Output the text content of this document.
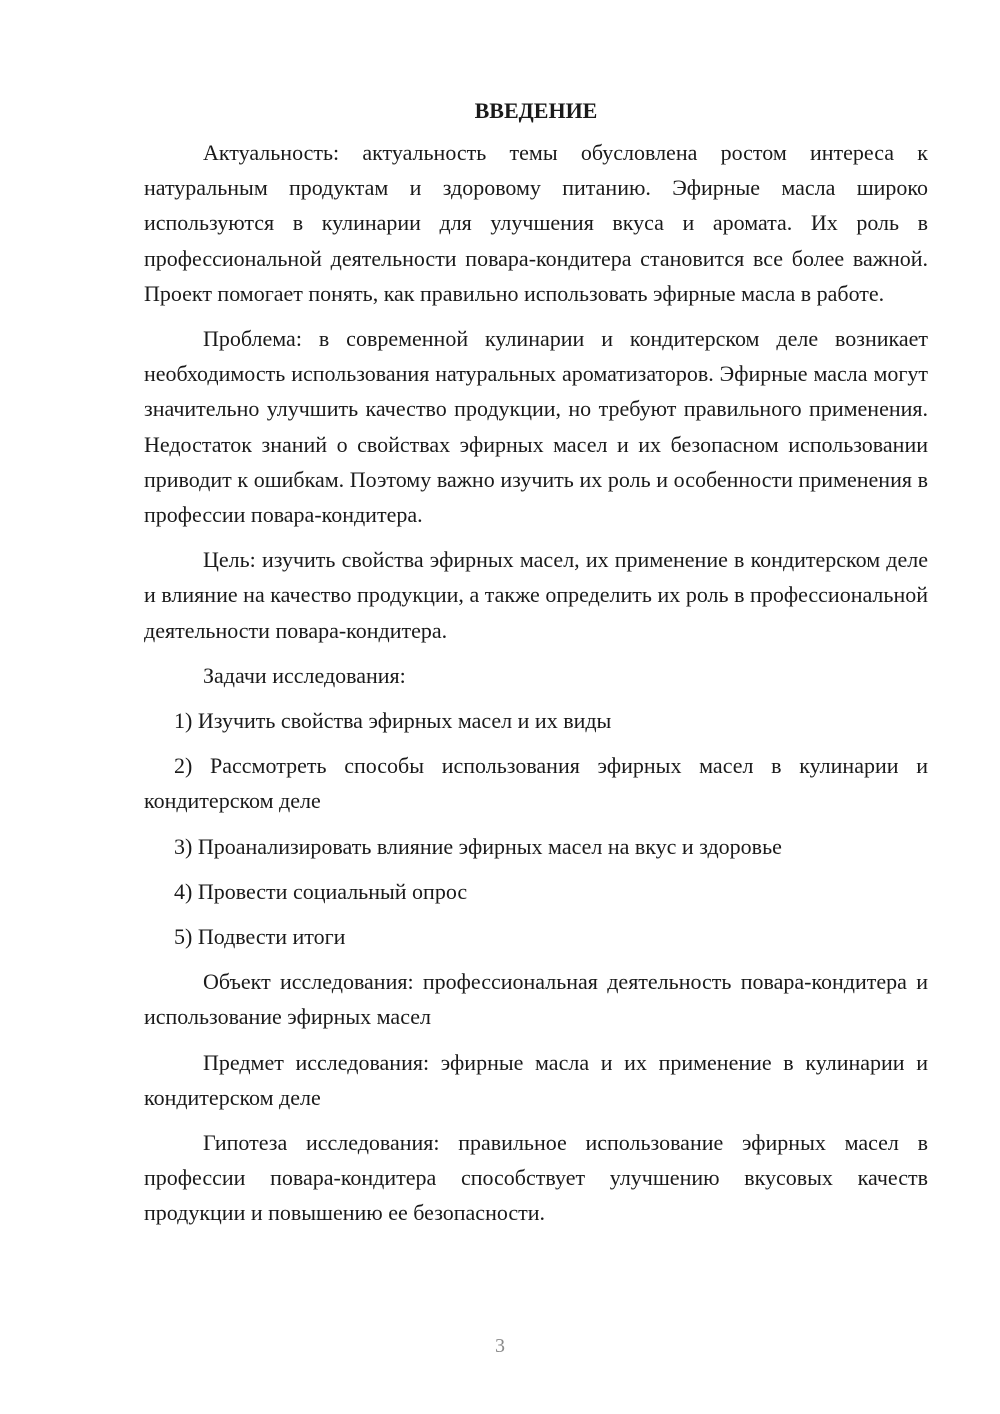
ВВЕДЕНИЕ

Актуальность: актуальность темы обусловлена ростом интереса к натуральным продуктам и здоровому питанию. Эфирные масла широко используются в кулинарии для улучшения вкуса и аромата. Их роль в профессиональной деятельности повара-кондитера становится все более важной. Проект помогает понять, как правильно использовать эфирные масла в работе.

Проблема: в современной кулинарии и кондитерском деле возникает необходимость использования натуральных ароматизаторов. Эфирные масла могут значительно улучшить качество продукции, но требуют правильного применения. Недостаток знаний о свойствах эфирных масел и их безопасном использовании приводит к ошибкам. Поэтому важно изучить их роль и особенности применения в профессии повара-кондитера.

Цель: изучить свойства эфирных масел, их применение в кондитерском деле и влияние на качество продукции, а также определить их роль в профессиональной деятельности повара-кондитера.

Задачи исследования:

1) Изучить свойства эфирных масел и их виды

2) Рассмотреть способы использования эфирных масел в кулинарии и кондитерском деле

3) Проанализировать влияние эфирных масел на вкус и здоровье

4) Провести социальный опрос

5) Подвести итоги

Объект исследования: профессиональная деятельность повара-кондитера и использование эфирных масел

Предмет исследования: эфирные масла и их применение в кулинарии и кондитерском деле

Гипотеза исследования: правильное использование эфирных масел в профессии повара-кондитера способствует улучшению вкусовых качеств продукции и повышению ее безопасности.

3
